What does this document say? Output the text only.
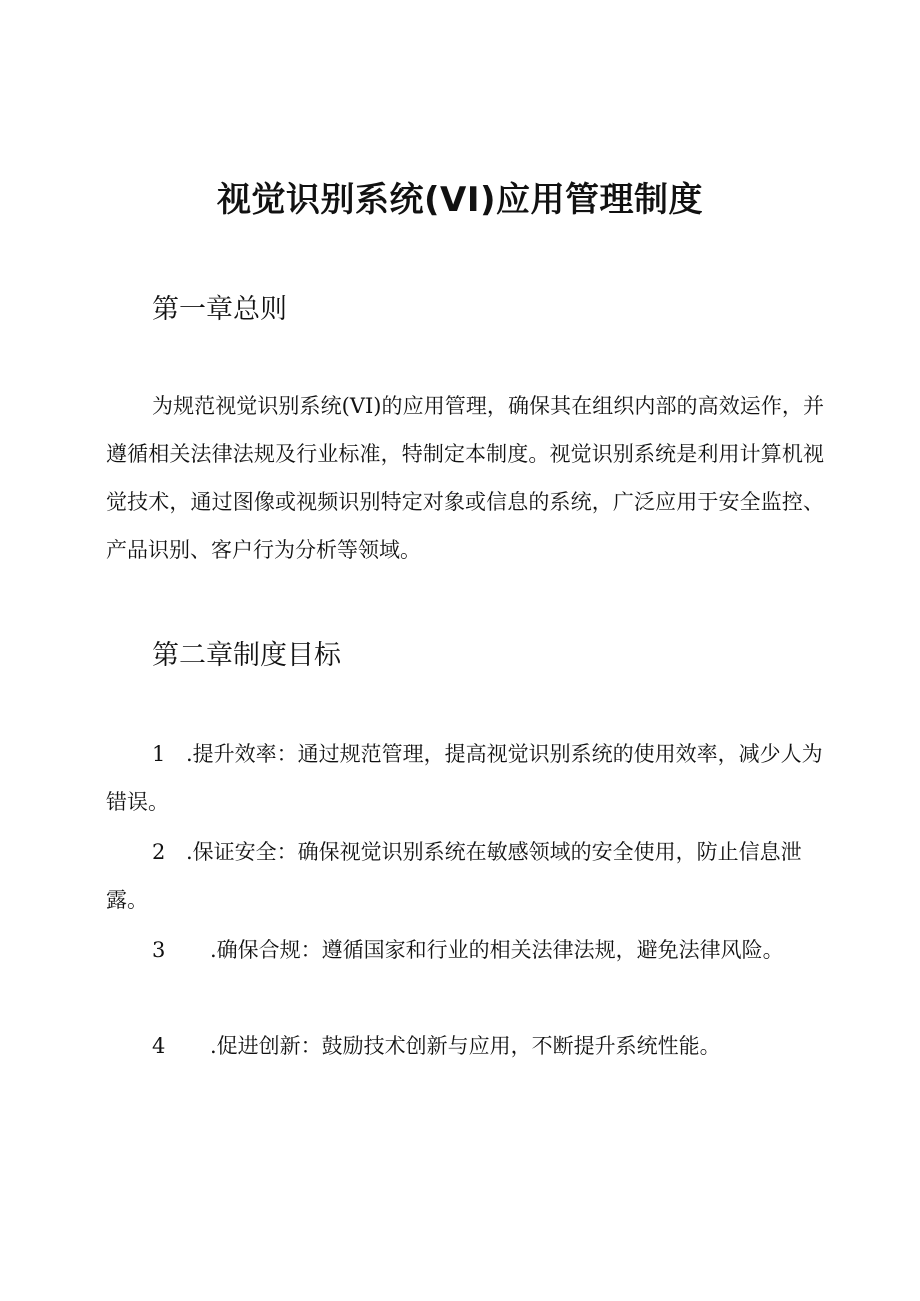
视觉识别系统(VI)应用管理制度
第一章总则

为规范视觉识别系统(VI)的应用管理，确保其在组织内部的高效运作，并遵循相关法律法规及行业标准，特制定本制度。视觉识别系统是利用计算机视觉技术，通过图像或视频识别特定对象或信息的系统，广泛应用于安全监控、产品识别、客户行为分析等领域。

第二章制度目标

1 .提升效率：通过规范管理，提高视觉识别系统的使用效率，减少人为错误。

2 .保证安全：确保视觉识别系统在敏感领域的安全使用，防止信息泄露。

3 .确保合规：遵循国家和行业的相关法律法规，避免法律风险。

4 .促进创新：鼓励技术创新与应用，不断提升系统性能。
